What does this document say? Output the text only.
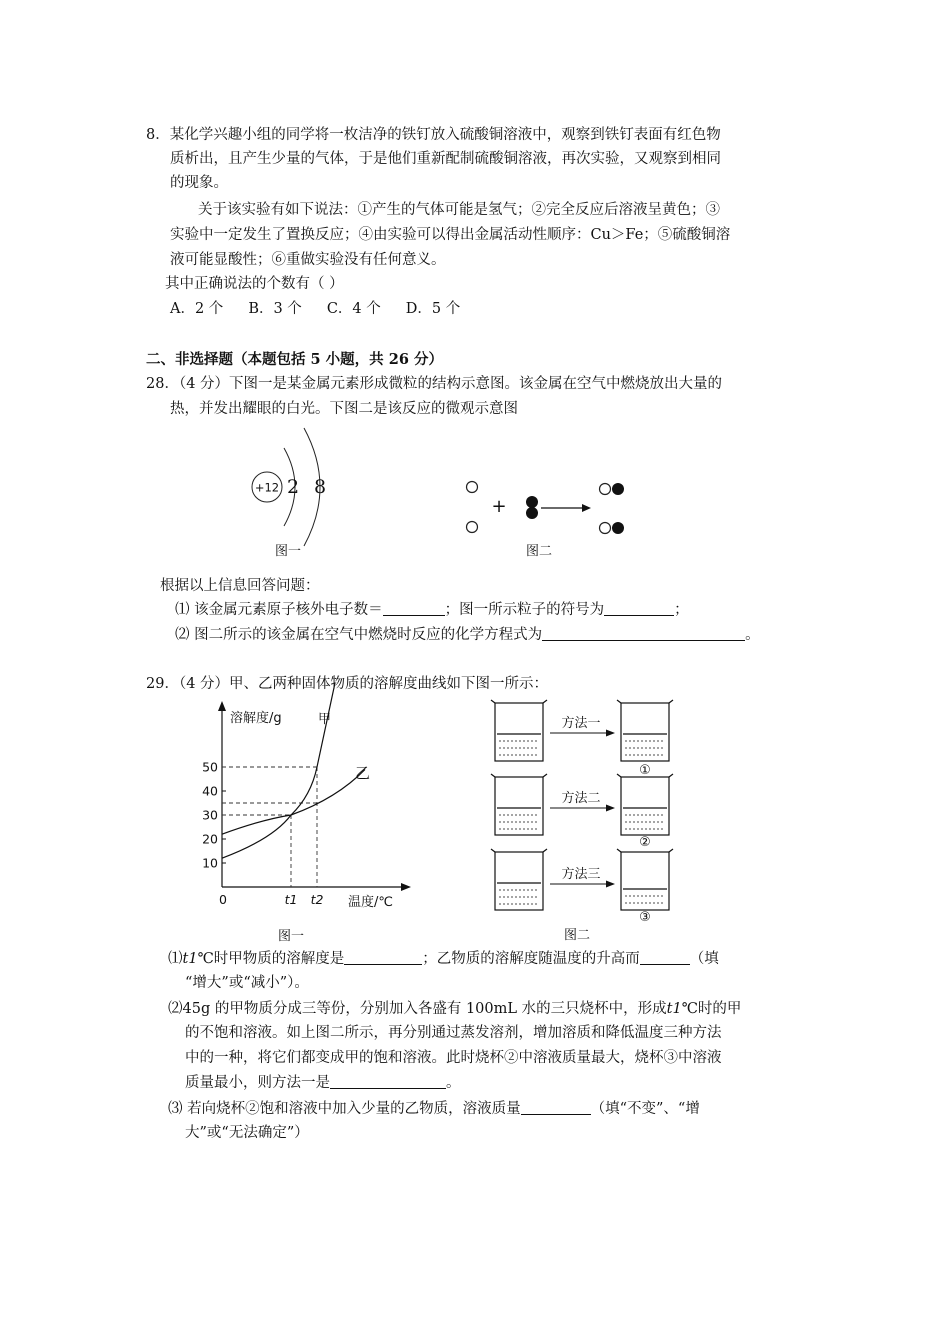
8．某化学兴趣小组的同学将一枚洁净的铁钉放入硫酸铜溶液中，观察到铁钉表面有红色物
质析出，且产生少量的气体，于是他们重新配制硫酸铜溶液，再次实验，又观察到相同
的现象。
关于该实验有如下说法：①产生的气体可能是氢气；②完全反应后溶液呈黄色；③
实验中一定发生了置换反应；④由实验可以得出金属活动性顺序：Cu＞Fe；⑤硫酸铜溶
液可能显酸性；⑥重做实验没有任何意义。
其中正确说法的个数有（ ）
A．2 个 B．3 个 C．4 个 D．5 个
二、非选择题（本题包括 5 小题，共 26 分）
28．（4 分）下图一是某金属元素形成微粒的结构示意图。该金属在空气中燃烧放出大量的
热，并发出耀眼的白光。下图二是该反应的微观示意图
+12 2 8
图一
+
图二
根据以上信息回答问题：
⑴ 该金属元素原子核外电子数＝	；图一所示粒子的符号为	；
⑵ 图二所示的该金属在空气中燃烧时反应的化学方程式为	。
29．（4 分）甲、乙两种固体物质的溶解度曲线如下图一所示：
溶解度/g
温度/℃
10
20
30
40
50
0	t1 t2
甲
乙
图一
方法一
①
方法二
②
方法三
③
图二
⑴t1℃时甲物质的溶解度是	；乙物质的溶解度随温度的升高而	（填
“增大”或“减小”）。
⑵45g 的甲物质分成三等份，分别加入各盛有 100mL 水的三只烧杯中，形成t1℃时的甲
的不饱和溶液。如上图二所示，再分别通过蒸发溶剂，增加溶质和降低温度三种方法
中的一种，将它们都变成甲的饱和溶液。此时烧杯②中溶液质量最大，烧杯③中溶液
质量最小，则方法一是	。
⑶ 若向烧杯②饱和溶液中加入少量的乙物质，溶液质量	（填“不变”、“增
大”或“无法确定”）
